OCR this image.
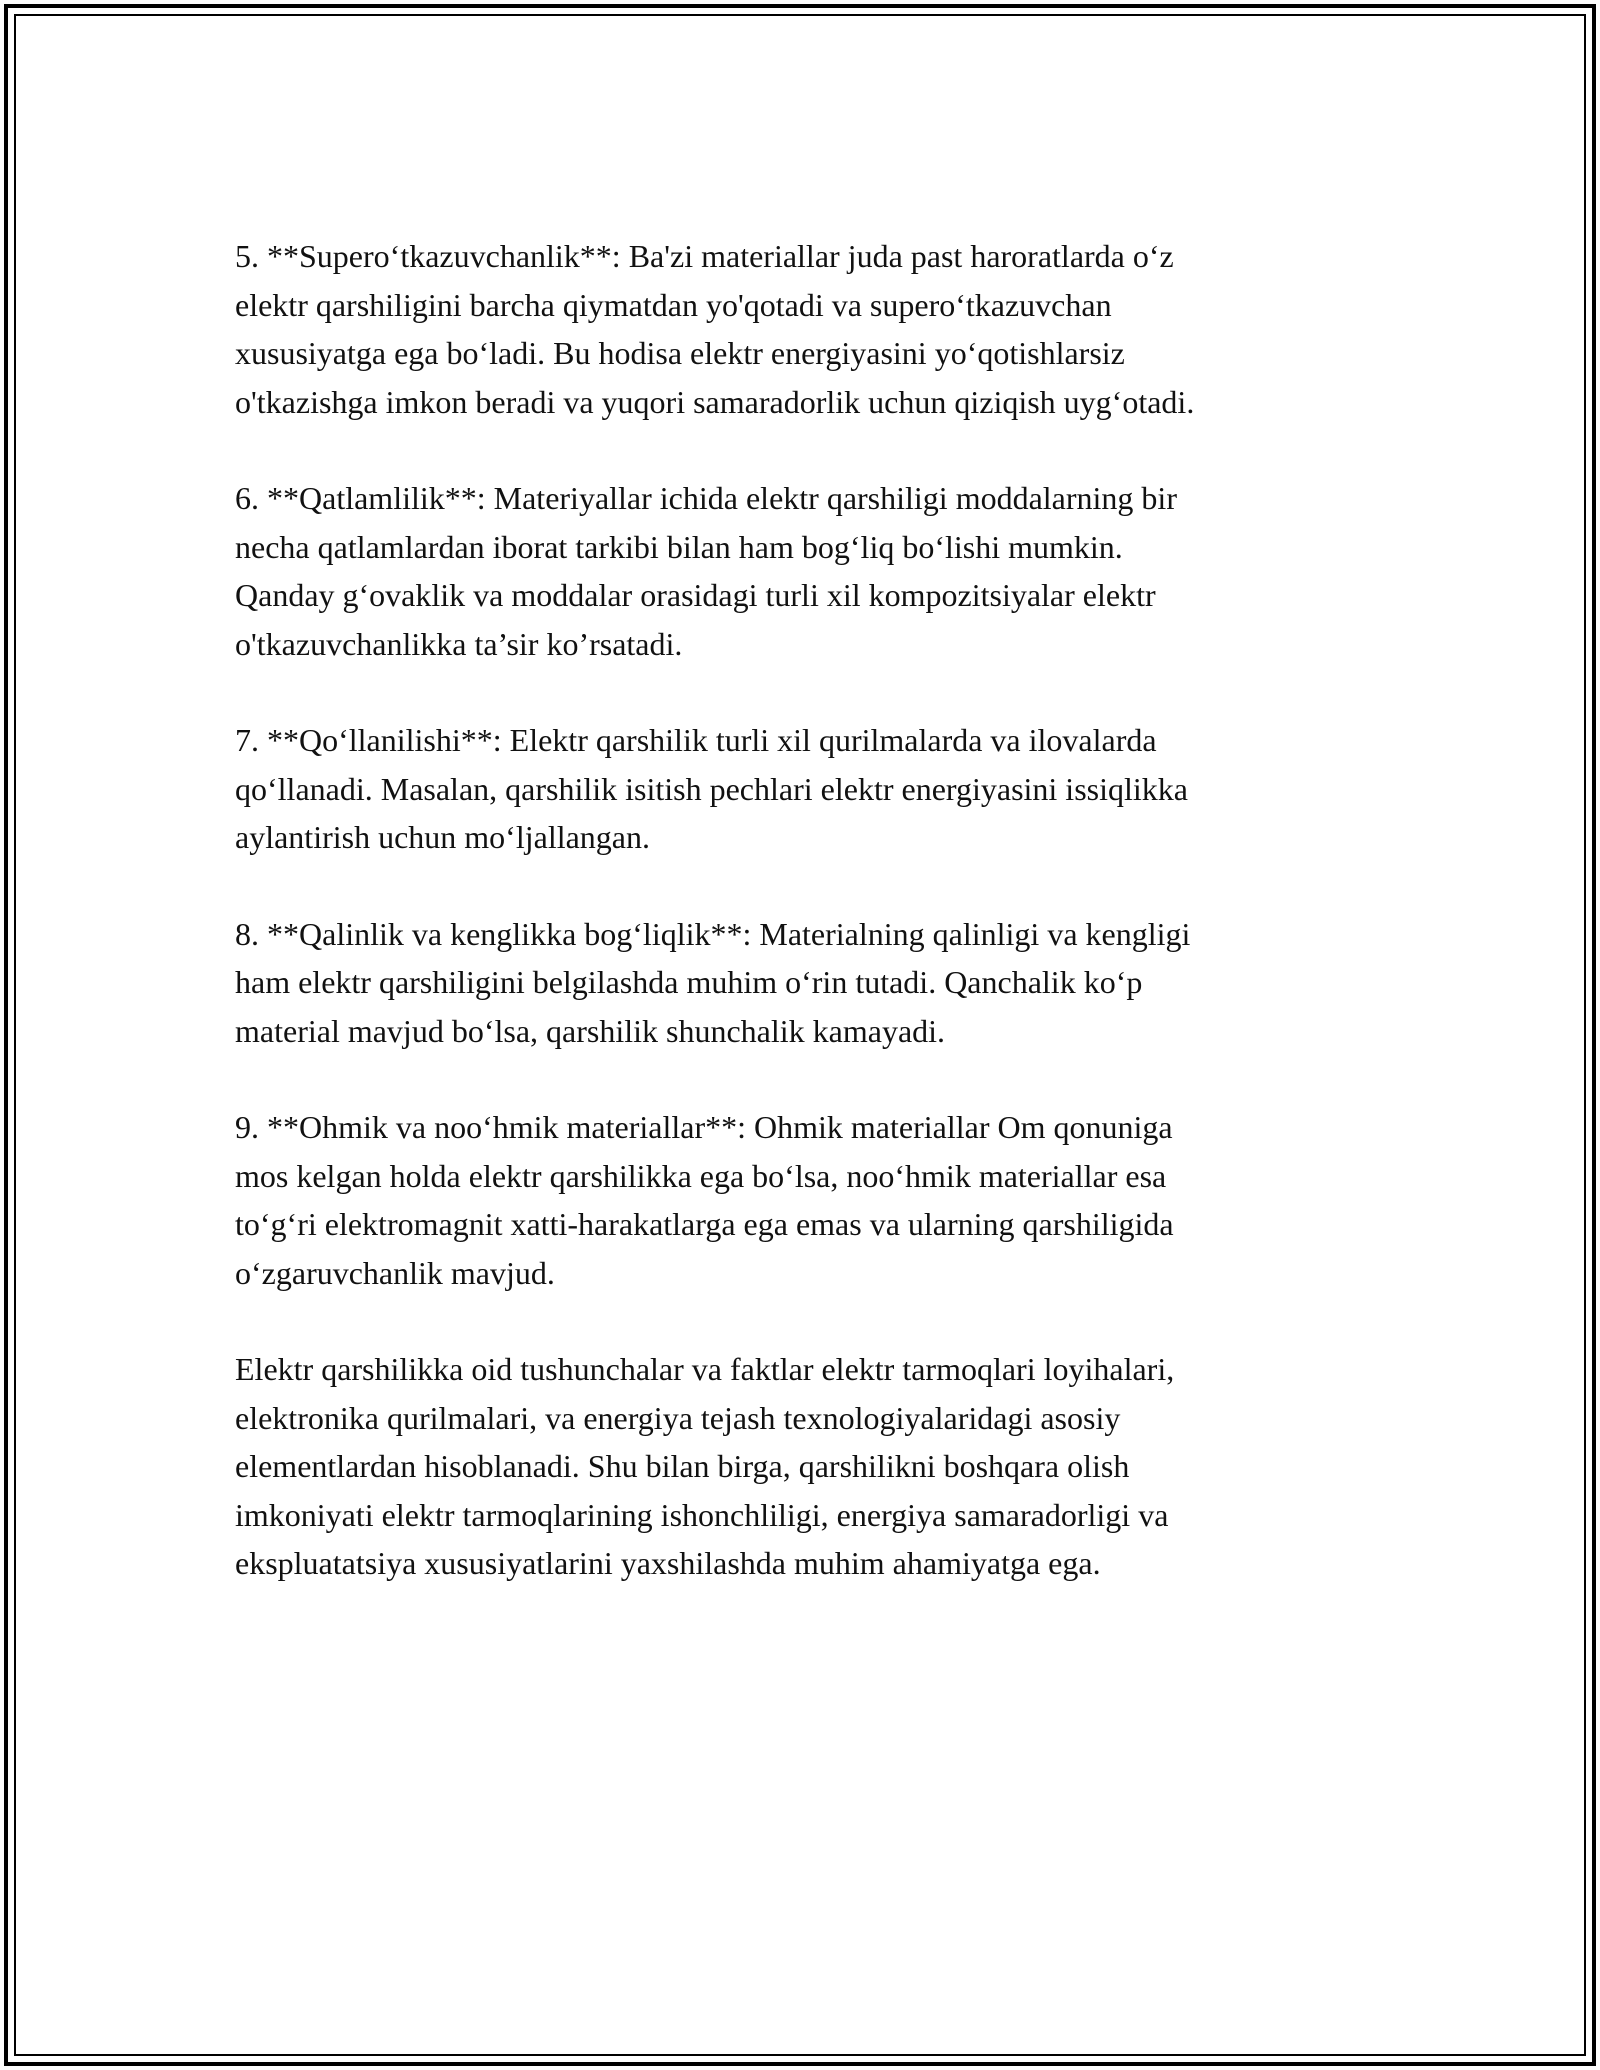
5. **Supero‘tkazuvchanlik**: Ba'zi materiallar juda past haroratlarda o‘z
elektr qarshiligini barcha qiymatdan yo'qotadi va supero‘tkazuvchan
xususiyatga ega bo‘ladi. Bu hodisa elektr energiyasini yo‘qotishlarsiz
o'tkazishga imkon beradi va yuqori samaradorlik uchun qiziqish uyg‘otadi.

6. **Qatlamlilik**: Materiyallar ichida elektr qarshiligi moddalarning bir
necha qatlamlardan iborat tarkibi bilan ham bog‘liq bo‘lishi mumkin.
Qanday g‘ovaklik va moddalar orasidagi turli xil kompozitsiyalar elektr
o'tkazuvchanlikka ta’sir ko’rsatadi.

7. **Qo‘llanilishi**: Elektr qarshilik turli xil qurilmalarda va ilovalarda
qo‘llanadi. Masalan, qarshilik isitish pechlari elektr energiyasini issiqlikka
aylantirish uchun mo‘ljallangan.

8. **Qalinlik va kenglikka bog‘liqlik**: Materialning qalinligi va kengligi
ham elektr qarshiligini belgilashda muhim o‘rin tutadi. Qanchalik ko‘p
material mavjud bo‘lsa, qarshilik shunchalik kamayadi.

9. **Ohmik va noo‘hmik materiallar**: Ohmik materiallar Om qonuniga
mos kelgan holda elektr qarshilikka ega bo‘lsa, noo‘hmik materiallar esa
to‘g‘ri elektromagnit xatti-harakatlarga ega emas va ularning qarshiligida
o‘zgaruvchanlik mavjud.

Elektr qarshilikka oid tushunchalar va faktlar elektr tarmoqlari loyihalari,
elektronika qurilmalari, va energiya tejash texnologiyalaridagi asosiy
elementlardan hisoblanadi. Shu bilan birga, qarshilikni boshqara olish
imkoniyati elektr tarmoqlarining ishonchliligi, energiya samaradorligi va
ekspluatatsiya xususiyatlarini yaxshilashda muhim ahamiyatga ega.
